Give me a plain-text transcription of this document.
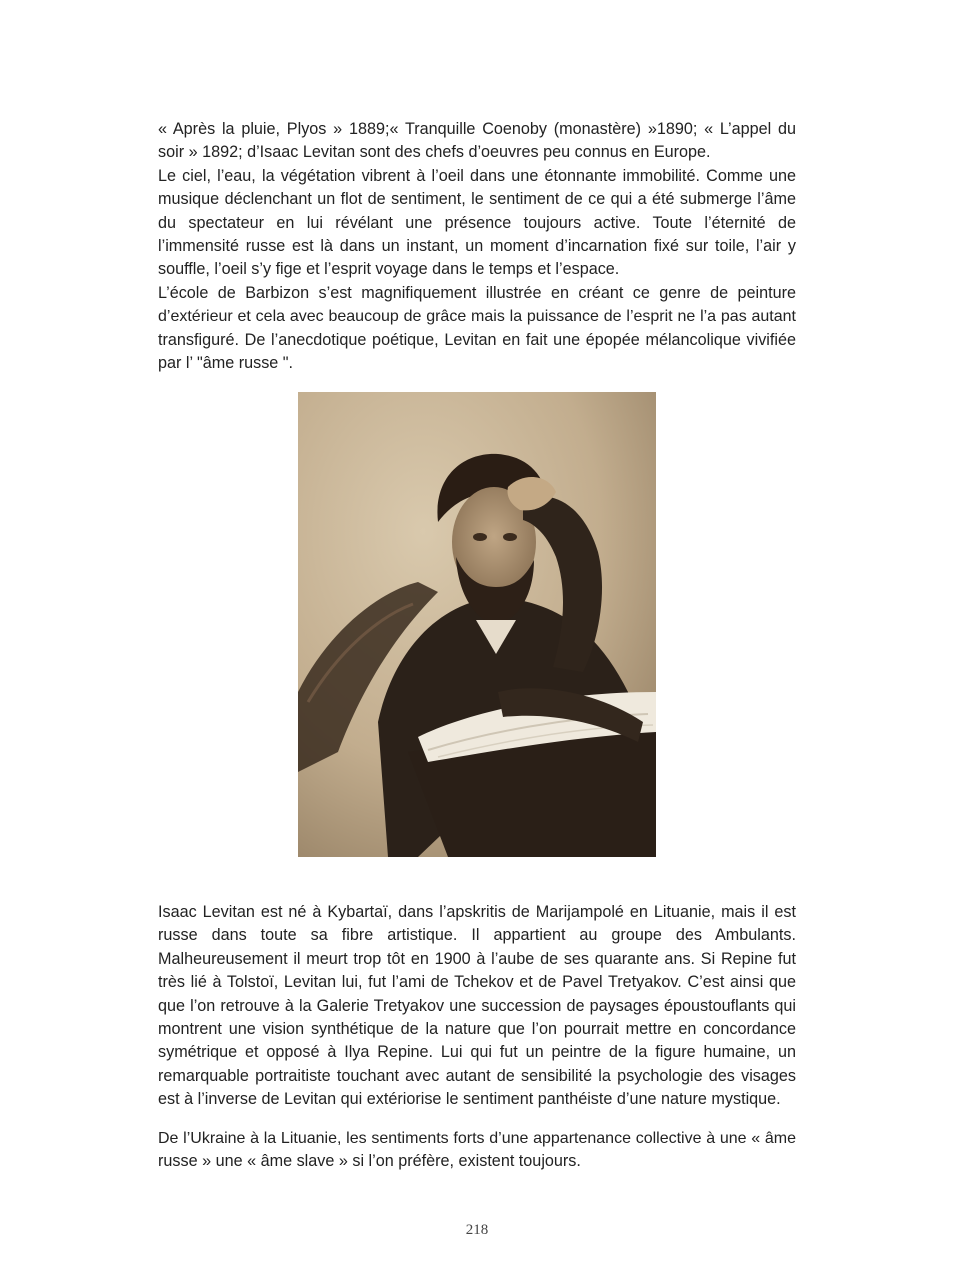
« Après la pluie, Plyos » 1889;« Tranquille Coenoby (monastère) »1890; « L’appel du
soir » 1892; d’Isaac Levitan sont des chefs d’oeuvres peu connus en Europe.
Le ciel, l’eau, la végétation vibrent à l’oeil dans une étonnante immobilité. Comme une
musique déclenchant un flot de sentiment, le sentiment de ce qui a été submerge l’âme
du spectateur en lui révélant une présence toujours active. Toute l’éternité de
l’immensité russe est là dans un instant, un moment d’incarnation fixé sur toile, l’air y
souffle, l’oeil s’y fige et l’esprit voyage dans le temps et l’espace.
L’école de Barbizon s’est magnifiquement illustrée en créant ce genre de peinture
d’extérieur et cela avec beaucoup de grâce mais la puissance de l’esprit ne l’a pas autant
transfiguré. De l’anecdotique poétique, Levitan en fait une épopée mélancolique vivifiée
par l’ "âme russe ".
Isaac Levitan est né à Kybartaï, dans l’apskritis de Marijampolé en Lituanie, mais il est
russe dans toute sa fibre artistique. Il appartient au groupe des Ambulants.
Malheureusement il meurt trop tôt en 1900 à l’aube de ses quarante ans. Si Repine fut
très lié à Tolstoï, Levitan lui, fut l’ami de Tchekov et de Pavel Tretyakov. C’est ainsi que
que l’on retrouve à la Galerie Tretyakov une succession de paysages époustouflants qui
montrent une vision synthétique de la nature que l’on pourrait mettre en concordance
symétrique et opposé à Ilya Repine. Lui qui fut un peintre de la figure humaine, un
remarquable portraitiste touchant avec autant de sensibilité la psychologie des visages
est à l’inverse de Levitan qui extériorise le sentiment panthéiste d’une nature mystique.
De l’Ukraine à la Lituanie, les sentiments forts d’une appartenance collective à une « âme
russe » une « âme slave » si l’on préfère, existent toujours.
218
